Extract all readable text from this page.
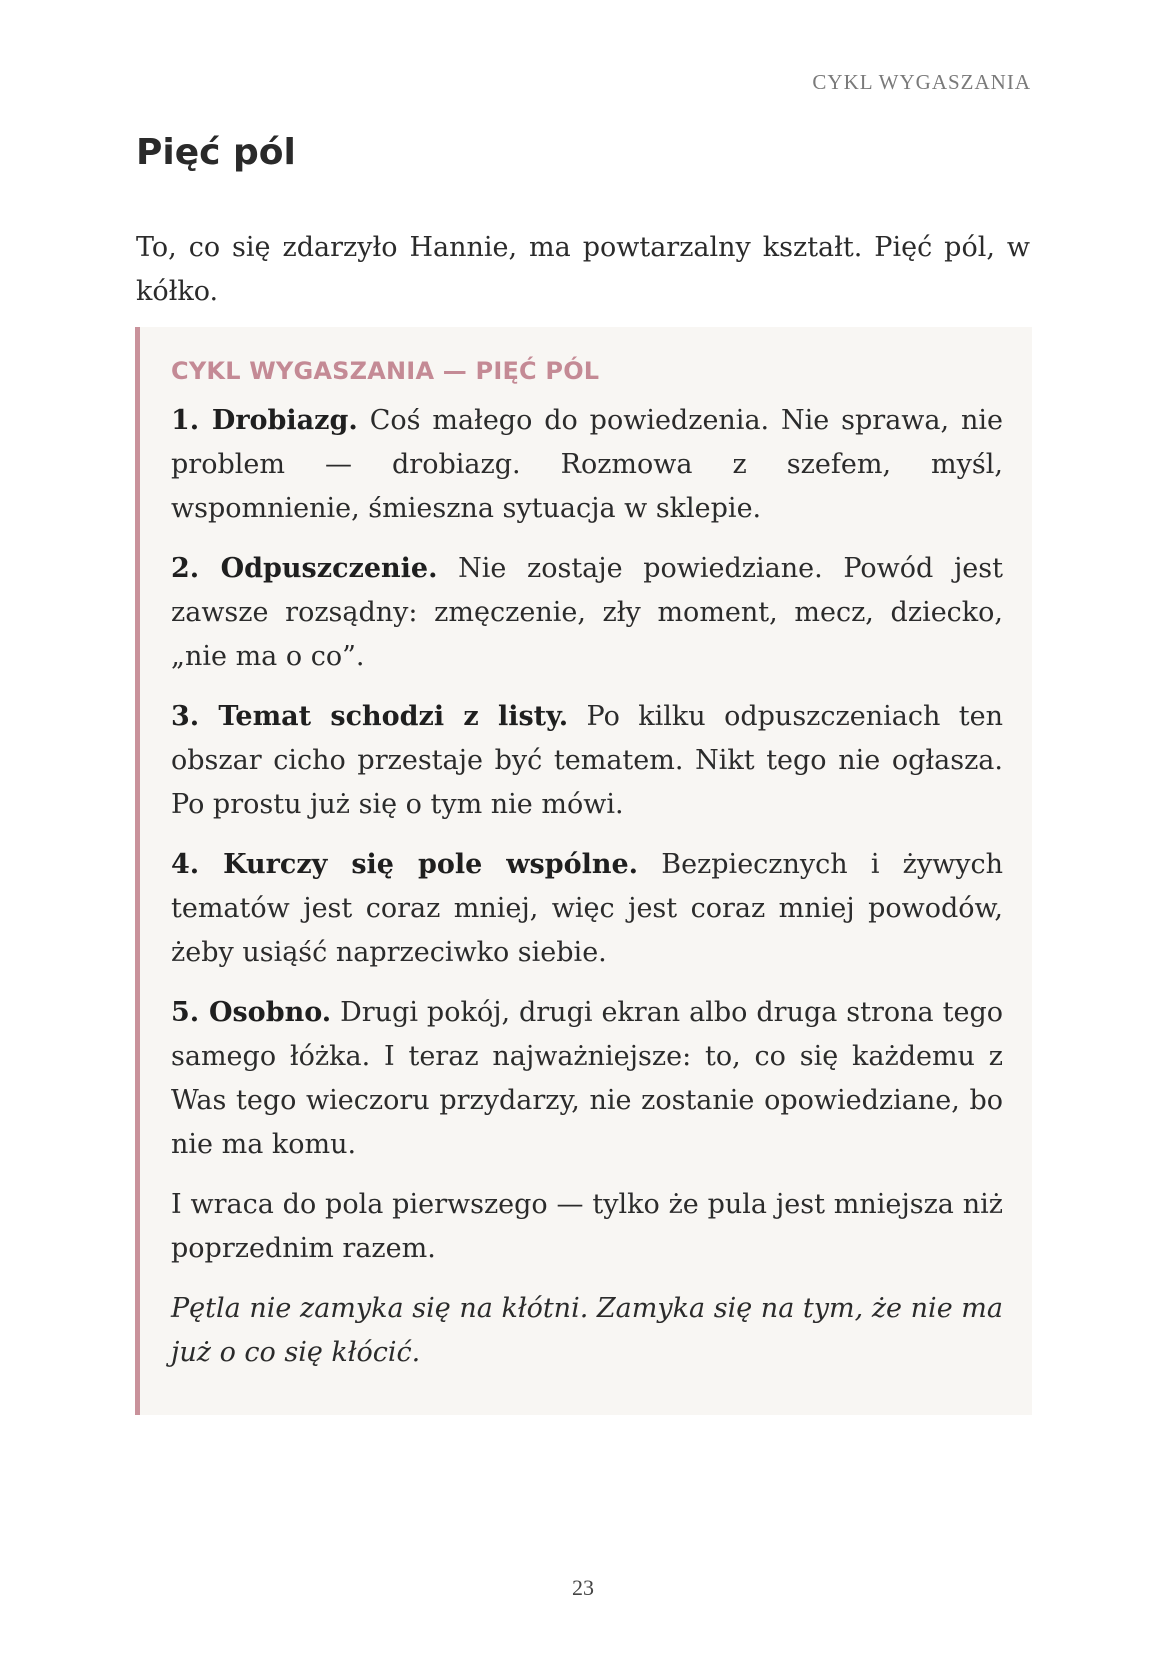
CYKL WYGASZANIA
Pięć pól

To, co się zdarzyło Hannie, ma powtarzalny kształt. Pięć pól, w kółko.

CYKL WYGASZANIA — PIĘĆ PÓL

1. Drobiazg. Coś małego do powiedzenia. Nie sprawa, nie problem — drobiazg. Rozmowa z szefem, myśl, wspomnienie, śmieszna sytuacja w sklepie.

2. Odpuszczenie. Nie zostaje powiedziane. Powód jest zawsze rozsądny: zmęczenie, zły moment, mecz, dziecko, „nie ma o co”.

3. Temat schodzi z listy. Po kilku odpuszczeniach ten obszar cicho przestaje być tematem. Nikt tego nie ogłasza. Po prostu już się o tym nie mówi.

4. Kurczy się pole wspólne. Bezpiecznych i żywych tematów jest coraz mniej, więc jest coraz mniej powodów, żeby usiąść naprzeciwko siebie.

5. Osobno. Drugi pokój, drugi ekran albo druga strona tego samego łóżka. I teraz najważniejsze: to, co się każdemu z Was tego wieczoru przydarzy, nie zostanie opowiedziane, bo nie ma komu.

I wraca do pola pierwszego — tylko że pula jest mniejsza niż poprzednim razem.

Pętla nie zamyka się na kłótni. Zamyka się na tym, że nie ma już o co się kłócić.

23
